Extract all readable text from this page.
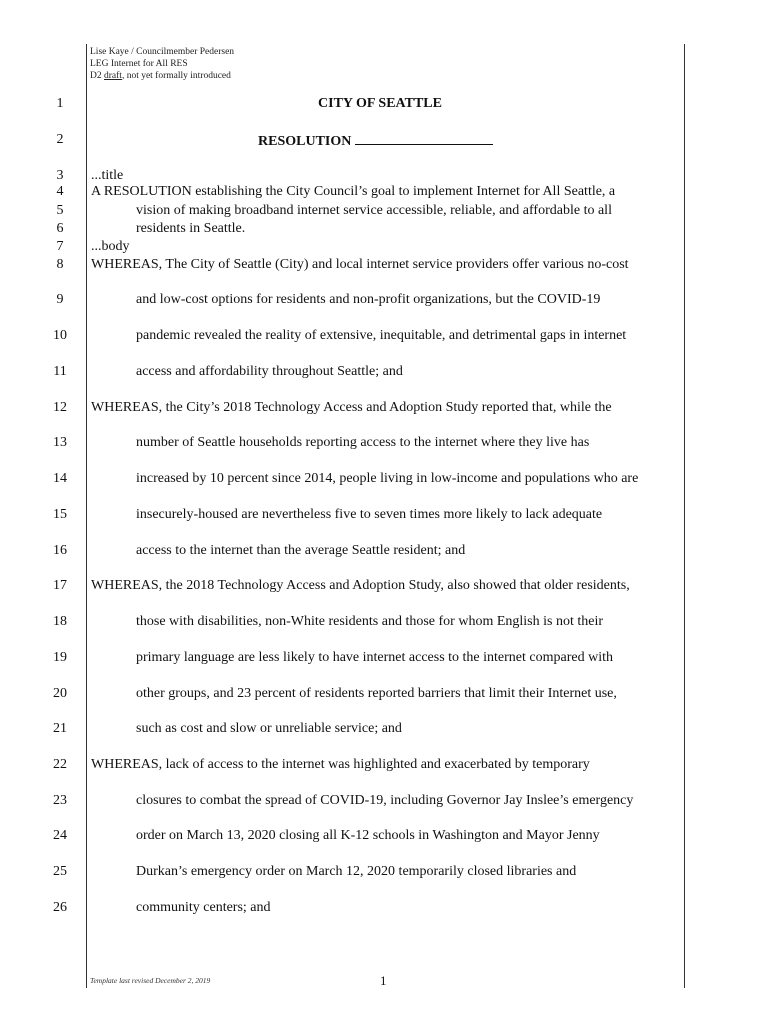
Lise Kaye / Councilmember Pedersen
LEG Internet for All RES
D2 draft, not yet formally introduced
1	CITY OF SEATTLE
2	RESOLUTION
3	...title
4	A RESOLUTION establishing the City Council’s goal to implement Internet for All Seattle, a
5	vision of making broadband internet service accessible, reliable, and affordable to all
6	residents in Seattle.
7	...body
8	WHEREAS, The City of Seattle (City) and local internet service providers offer various no-cost
9	and low-cost options for residents and non-profit organizations, but the COVID-19
10	pandemic revealed the reality of extensive, inequitable, and detrimental gaps in internet
11	access and affordability throughout Seattle; and
12 WHEREAS, the City’s 2018 Technology Access and Adoption Study reported that, while the
13	number of Seattle households reporting access to the internet where they live has
14	increased by 10 percent since 2014, people living in low-income and populations who are
15	insecurely-housed are nevertheless five to seven times more likely to lack adequate
16	access to the internet than the average Seattle resident; and
17 WHEREAS, the 2018 Technology Access and Adoption Study, also showed that older residents,
18	those with disabilities, non-White residents and those for whom English is not their
19	primary language are less likely to have internet access to the internet compared with
20	other groups, and 23 percent of residents reported barriers that limit their Internet use,
21	such as cost and slow or unreliable service; and
22 WHEREAS, lack of access to the internet was highlighted and exacerbated by temporary
23	closures to combat the spread of COVID-19, including Governor Jay Inslee’s emergency
24	order on March 13, 2020 closing all K-12 schools in Washington and Mayor Jenny
25	Durkan’s emergency order on March 12, 2020 temporarily closed libraries and
26	community centers; and
Template last revised December 2, 2019	1
